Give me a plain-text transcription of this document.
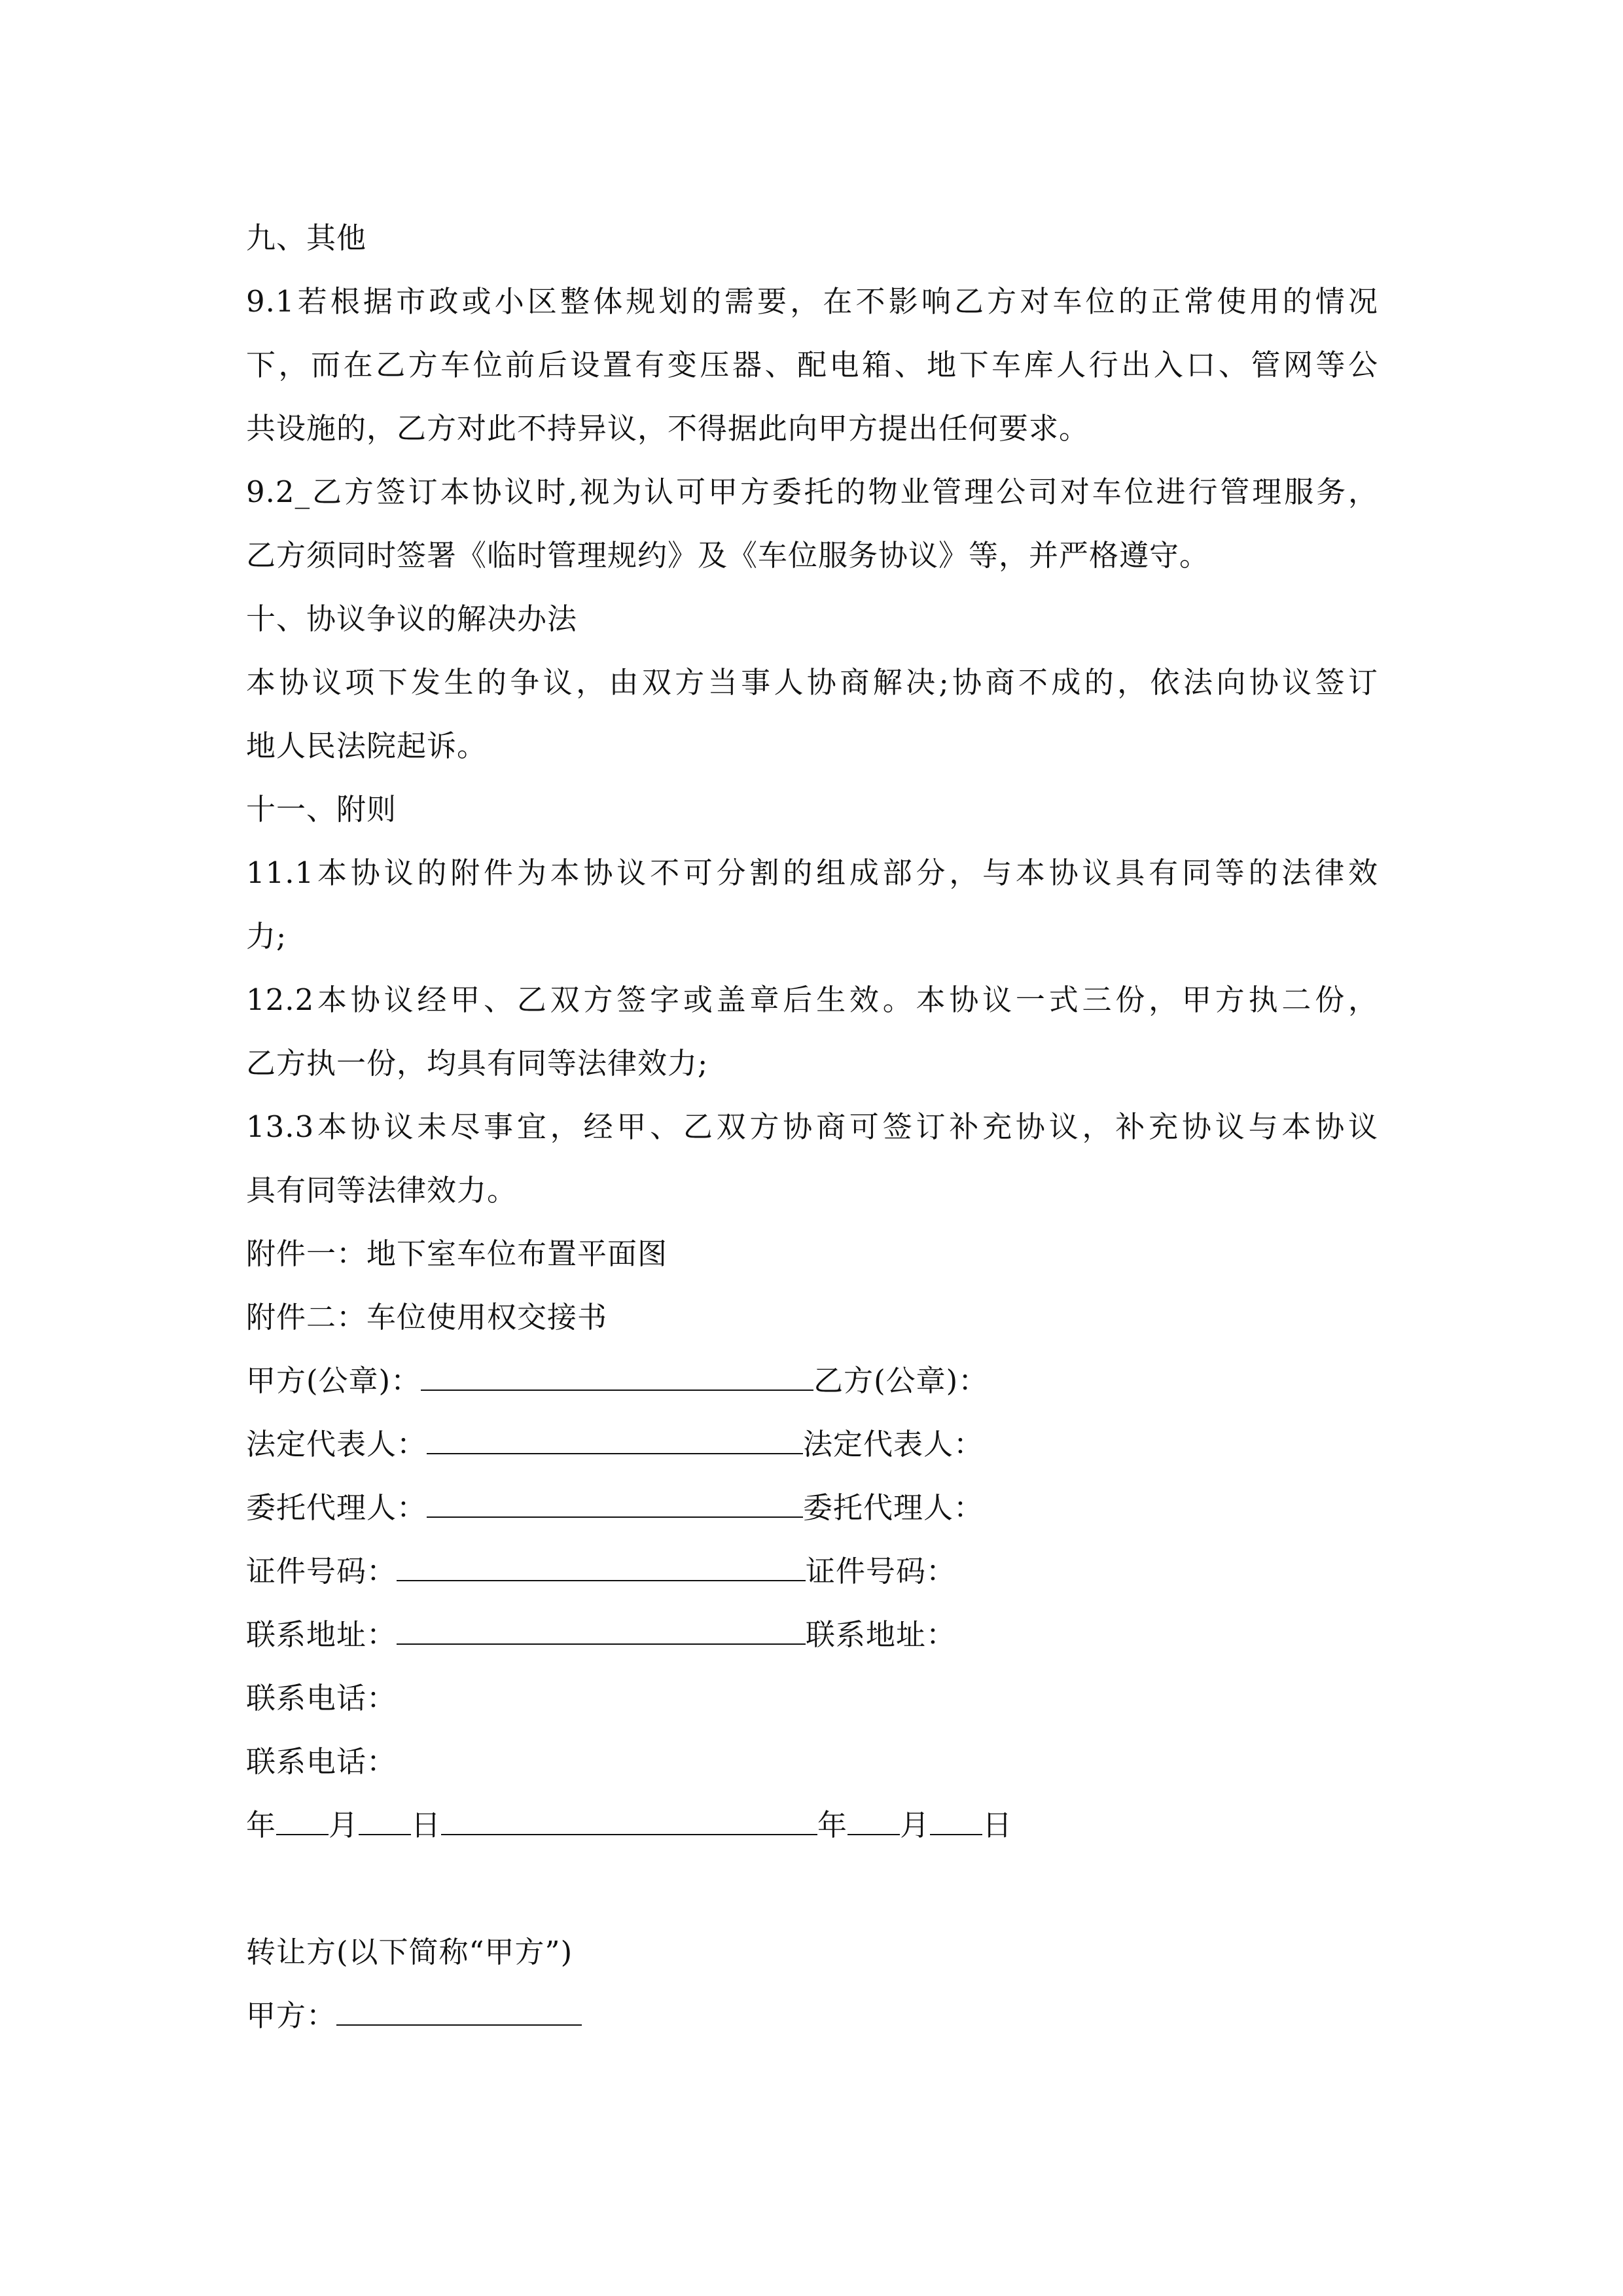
九、其他
9.1若根据市政或小区整体规划的需要，在不影响乙方对车位的正常使用的情况
下，而在乙方车位前后设置有变压器、配电箱、地下车库人行出入口、管网等公
共设施的，乙方对此不持异议，不得据此向甲方提出任何要求。
9.2_乙方签订本协议时,视为认可甲方委托的物业管理公司对车位进行管理服务，
乙方须同时签署《临时管理规约》及《车位服务协议》等，并严格遵守。
十、协议争议的解决办法
本协议项下发生的争议，由双方当事人协商解决;协商不成的，依法向协议签订
地人民法院起诉。
十一、附则
11.1本协议的附件为本协议不可分割的组成部分，与本协议具有同等的法律效
力;
12.2本协议经甲、乙双方签字或盖章后生效。本协议一式三份，甲方执二份，
乙方执一份，均具有同等法律效力;
13.3本协议未尽事宜，经甲、乙双方协商可签订补充协议，补充协议与本协议
具有同等法律效力。
附件一：地下室车位布置平面图
附件二：车位使用权交接书
甲方(公章)：	乙方(公章)：
法定代表人：	法定代表人：
委托代理人：	委托代理人：
证件号码：	证件号码：
联系地址：	联系地址：
联系电话：
联系电话：
年 月 日	年 月 日
转让方(以下简称“甲方”)
甲方：
